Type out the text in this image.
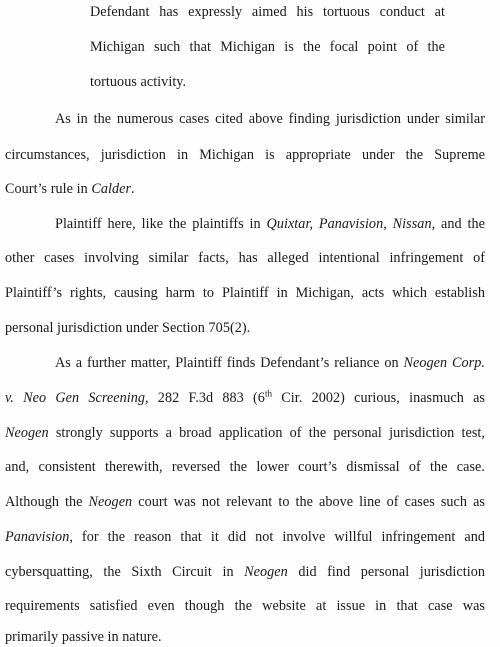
Defendant has expressly aimed his tortuous conduct at
Michigan such that Michigan is the focal point of the
tortuous activity.
As in the numerous cases cited above finding jurisdiction under similar
circumstances, jurisdiction in Michigan is appropriate under the Supreme
Court’s rule in Calder.
Plaintiff here, like the plaintiffs in Quixtar, Panavision, Nissan, and the
other cases involving similar facts, has alleged intentional infringement of
Plaintiff’s rights, causing harm to Plaintiff in Michigan, acts which establish
personal jurisdiction under Section 705(2).
As a further matter, Plaintiff finds Defendant’s reliance on Neogen Corp.
v. Neo Gen Screening, 282 F.3d 883 (6th Cir. 2002) curious, inasmuch as
Neogen strongly supports a broad application of the personal jurisdiction test,
and, consistent therewith, reversed the lower court’s dismissal of the case.
Although the Neogen court was not relevant to the above line of cases such as
Panavision, for the reason that it did not involve willful infringement and
cybersquatting, the Sixth Circuit in Neogen did find personal jurisdiction
requirements satisfied even though the website at issue in that case was
primarily passive in nature.
